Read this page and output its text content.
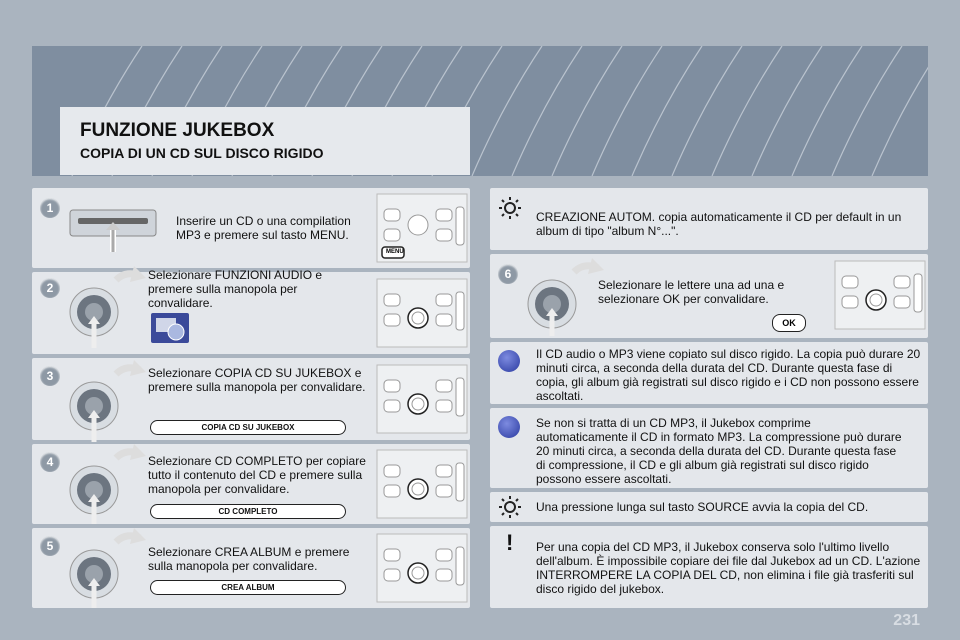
FUNZIONE JUKEBOX
COPIA DI UN CD SUL DISCO RIGIDO
1
Inserire un CD o una compilation MP3 e premere sul tasto MENU.
MENU
2
Selezionare FUNZIONI AUDIO e premere sulla manopola per convalidare.
3	Selezionare COPIA CD SU JUKEBOX e premere sulla manopola per convalidare.
COPIA CD SU JUKEBOX
4	Selezionare CD COMPLETO per copiare tutto il contenuto del CD e premere sulla manopola per convalidare.
CD COMPLETO
5	Selezionare CREA ALBUM e premere sulla manopola per convalidare.
CREA ALBUM
CREAZIONE AUTOM. copia automaticamente il CD per default in un album di tipo "album N°...".
6
Selezionare le lettere una ad una e selezionare OK per convalidare.
OK
Il CD audio o MP3 viene copiato sul disco rigido. La copia può durare 20 minuti circa, a seconda della durata del CD. Durante questa fase di copia, gli album già registrati sul disco rigido e i CD non possono essere ascoltati.
Se non si tratta di un CD MP3, il Jukebox comprime automaticamente il CD in formato MP3. La compressione può durare 20 minuti circa, a seconda della durata del CD. Durante questa fase di compressione, il CD e gli album già registrati sul disco rigido possono essere ascoltati.
Una pressione lunga sul tasto SOURCE avvia la copia del CD.
! Per una copia del CD MP3, il Jukebox conserva solo l'ultimo livello dell'album. È impossibile copiare dei file dal Jukebox ad un CD. L'azione INTERROMPERE LA COPIA DEL CD, non elimina i file già trasferiti sul disco rigido del jukebox.
231
